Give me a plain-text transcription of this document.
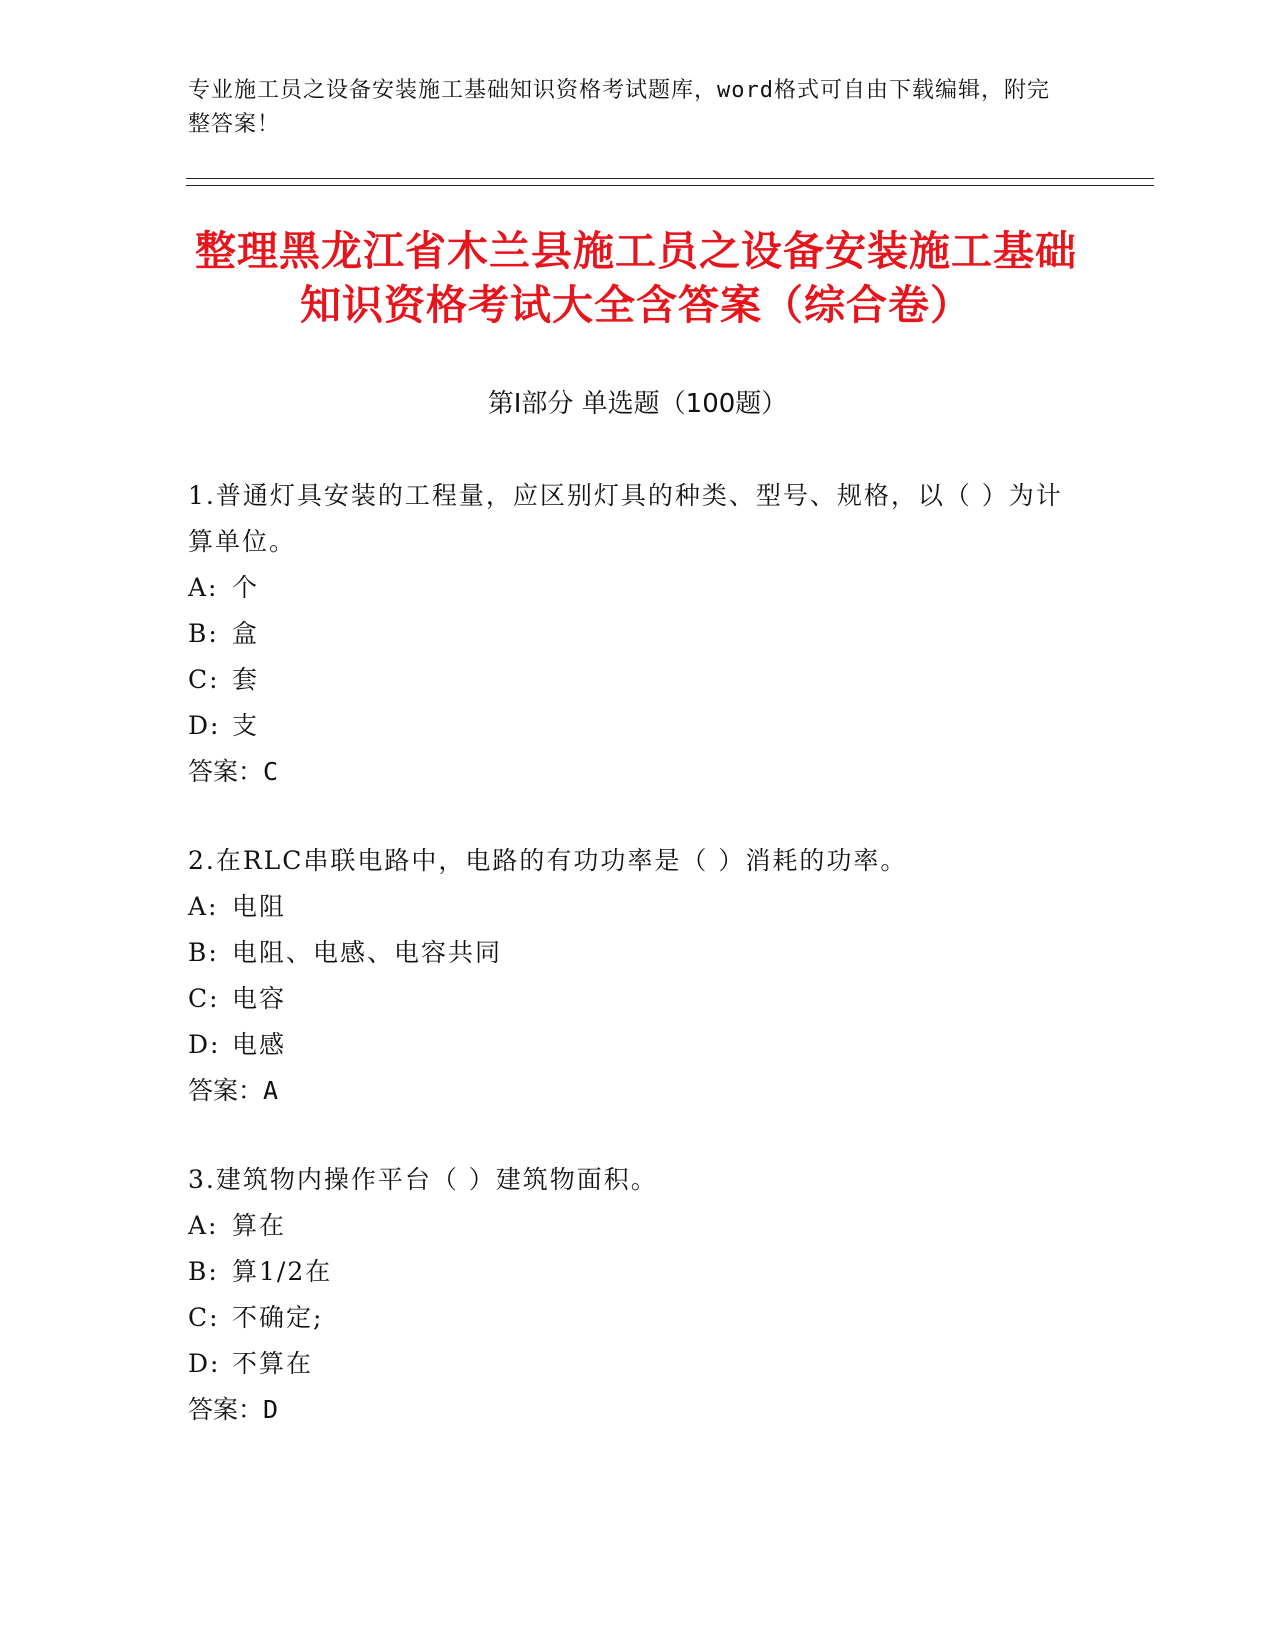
专业施工员之设备安装施工基础知识资格考试题库，word格式可自由下载编辑，附完整答案！
整理黑龙江省木兰县施工员之设备安装施工基础知识资格考试大全含答案（综合卷）
第Ⅰ部分 单选题（100题）

1.普通灯具安装的工程量，应区别灯具的种类、型号、规格，以（ ）为计算单位。

A: 个

B: 盒

C: 套

D: 支

答案：C

2.在RLC串联电路中，电路的有功功率是（ ）消耗的功率。

A: 电阻

B: 电阻、电感、电容共同

C: 电容

D: 电感

答案：A

3.建筑物内操作平台（ ）建筑物面积。

A: 算在

B: 算1/2在

C: 不确定;

D: 不算在

答案：D
